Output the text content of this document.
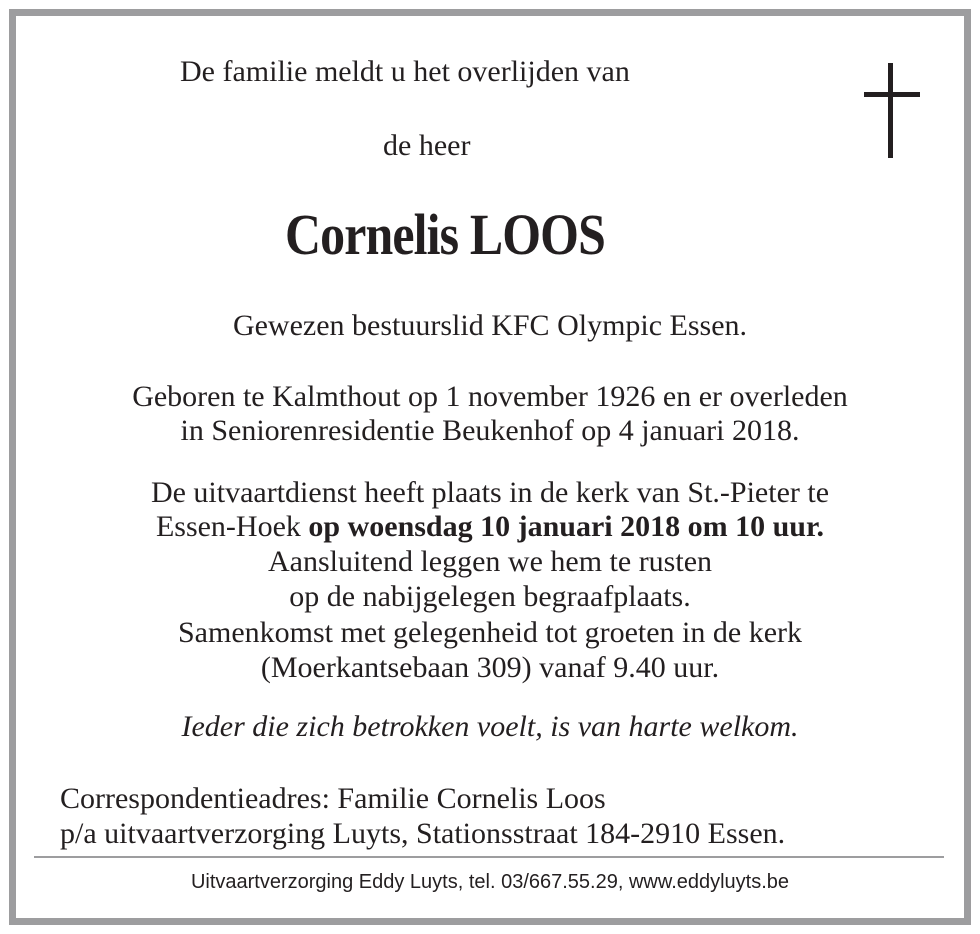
De familie meldt u het overlijden van
de heer
Cornelis LOOS
Gewezen bestuurslid KFC Olympic Essen.
Geboren te Kalmthout op 1 november 1926 en er overleden
in Seniorenresidentie Beukenhof op 4 januari 2018.
De uitvaartdienst heeft plaats in de kerk van St.-Pieter te
Essen-Hoek op woensdag 10 januari 2018 om 10 uur.
Aansluitend leggen we hem te rusten
op de nabijgelegen begraafplaats.
Samenkomst met gelegenheid tot groeten in de kerk
(Moerkantsebaan 309) vanaf 9.40 uur.
Ieder die zich betrokken voelt, is van harte welkom.
Correspondentieadres: Familie Cornelis Loos
p/a uitvaartverzorging Luyts, Stationsstraat 184-2910 Essen.
Uitvaartverzorging Eddy Luyts, tel. 03/667.55.29, www.eddyluyts.be
